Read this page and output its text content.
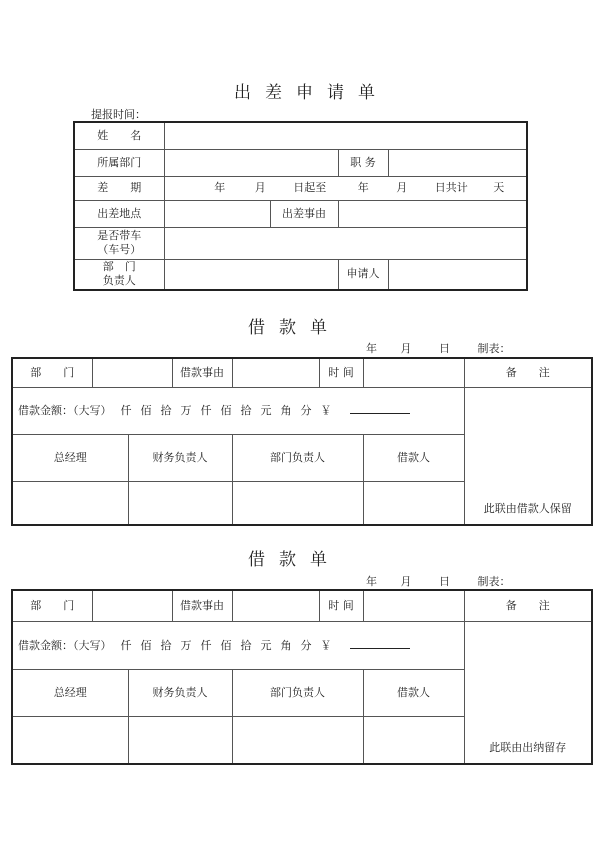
出差申请单
提报时间：
姓　　名				
所属部门			职 务	
差　　期	年 月 日起至 年 月 日共计 天			
出差地点		出差事由		
是否带车
（车号）				
部　门
负责人			申请人	
借款单
年 月	日	制表：
部　　门			借款事由		时 间		备　　注
借款金额：（大写） 仟 佰 拾 万 仟 佰 拾 元 角 分 ￥							此联由借款人保留
总经理		财务负责人		部门负责人		借款人	

借款单
年 月	日	制表：
部　　门			借款事由		时 间		备　　注
借款金额：（大写） 仟 佰 拾 万 仟 佰 拾 元 角 分 ￥							此联由出纳留存
总经理		财务负责人		部门负责人		借款人	
